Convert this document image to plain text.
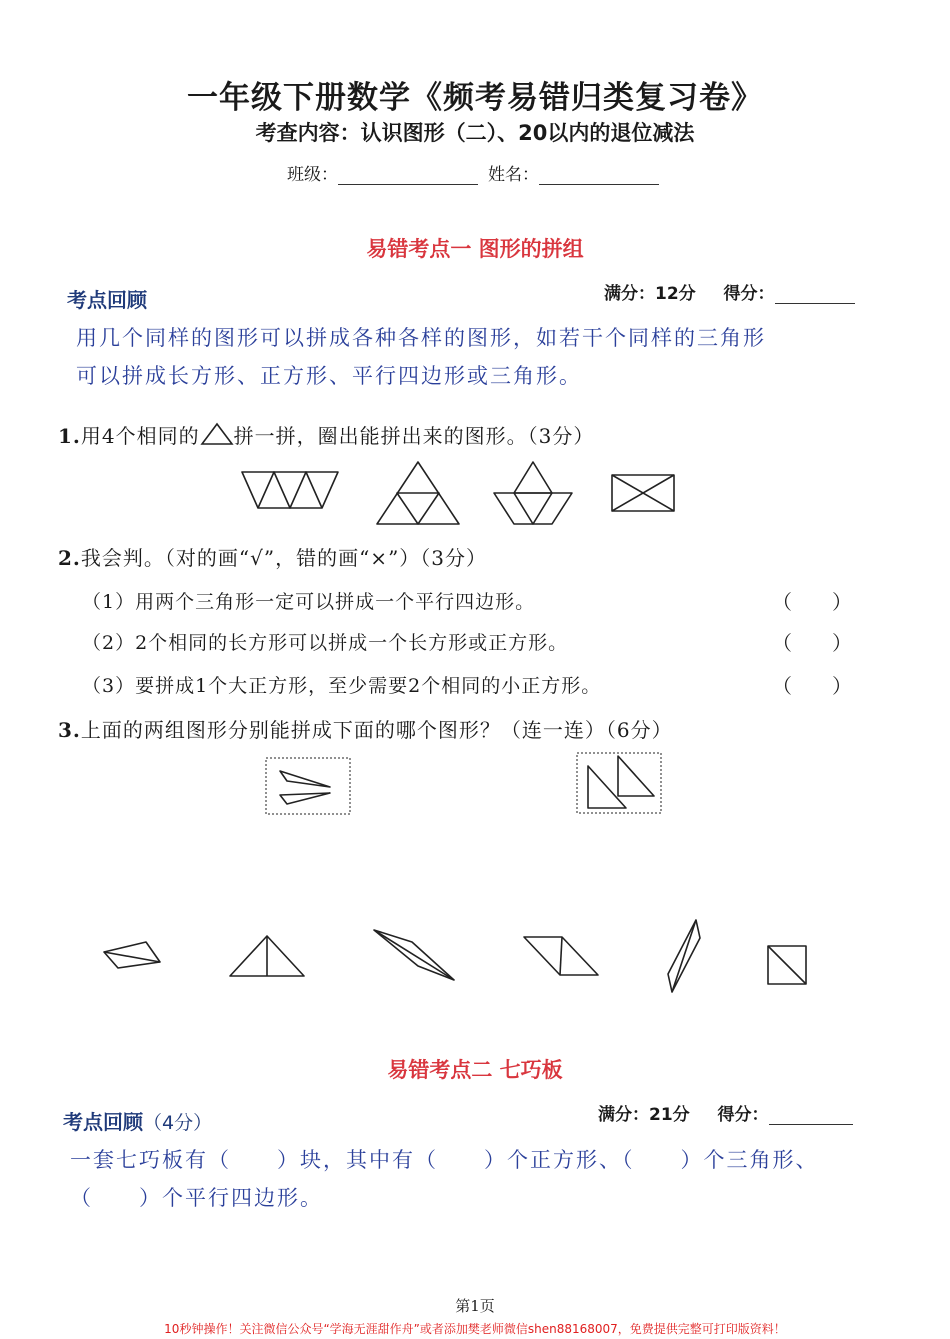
一年级下册数学《频考易错归类复习卷》
考查内容：认识图形（二）、20以内的退位减法
班级：	姓名：
易错考点一 图形的拼组
考点回顾	满分：12分 得分：
用几个同样的图形可以拼成各种各样的图形，如若干个同样的三角形
可以拼成长方形、正方形、平行四边形或三角形。
1.用4个相同的 拼一拼，圈出能拼出来的图形。（3分）
2.我会判。（对的画“√”，错的画“×”）（3分）
（1）用两个三角形一定可以拼成一个平行四边形。	（　　）
（2）2个相同的长方形可以拼成一个长方形或正方形。	（　　）
（3）要拼成1个大正方形，至少需要2个相同的小正方形。	（　　）
3.上面的两组图形分别能拼成下面的哪个图形？（连一连）（6分）
易错考点二 七巧板
考点回顾（4分）	满分：21分 得分：
一套七巧板有（　　）块，其中有（　　）个正方形、（　　）个三角形、
（　　）个平行四边形。
第1页
10秒钟操作！关注微信公众号“学海无涯甜作舟”或者添加樊老师微信shen88168007，免费提供完整可打印版资料！
